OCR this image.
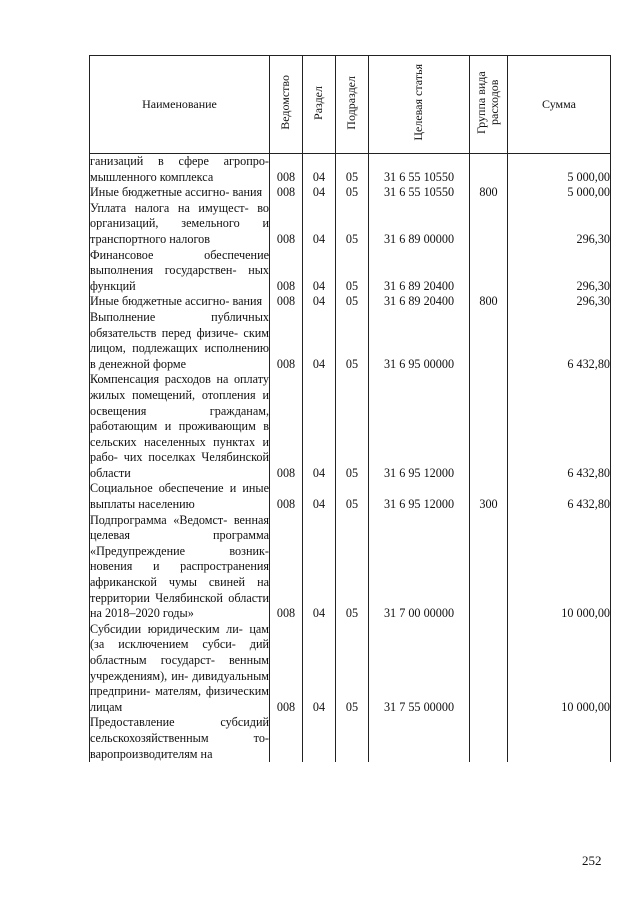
Наименование	Ведомство	Раздел	Подраздел	Целевая статья	Группа вида расходов	Сумма
ганизаций в сфере агропро- мышленного комплекса	008	04	05	31 6 55 10550		5 000,00
Иные бюджетные ассигно- вания	008	04	05	31 6 55 10550	800	5 000,00
Уплата налога на имущест- во организаций, земельного и транспортного налогов	008	04	05	31 6 89 00000		296,30
Финансовое обеспечение выполнения государствен- ных функций	008	04	05	31 6 89 20400		296,30
Иные бюджетные ассигно- вания	008	04	05	31 6 89 20400	800	296,30
Выполнение публичных обязательств перед физиче- ским лицом, подлежащих исполнению в денежной форме	008	04	05	31 6 95 00000		6 432,80
Компенсация расходов на оплату жилых помещений, отопления и освещения гражданам, работающим и проживающим в сельских населенных пунктах и рабо- чих поселках Челябинской области	008	04	05	31 6 95 12000		6 432,80
Социальное обеспечение и иные выплаты населению	008	04	05	31 6 95 12000	300	6 432,80
Подпрограмма «Ведомст- венная целевая программа «Предупреждение возник- новения и распространения африканской чумы свиней на территории Челябинской области на 2018–2020 годы»	008	04	05	31 7 00 00000		10 000,00
Субсидии юридическим ли- цам (за исключением субси- дий областным государст- венным учреждениям), ин- дивидуальным предприни- мателям, физическим лицам	008	04	05	31 7 55 00000		10 000,00
Предоставление субсидий сельскохозяйственным то- варопроизводителям на						
252
